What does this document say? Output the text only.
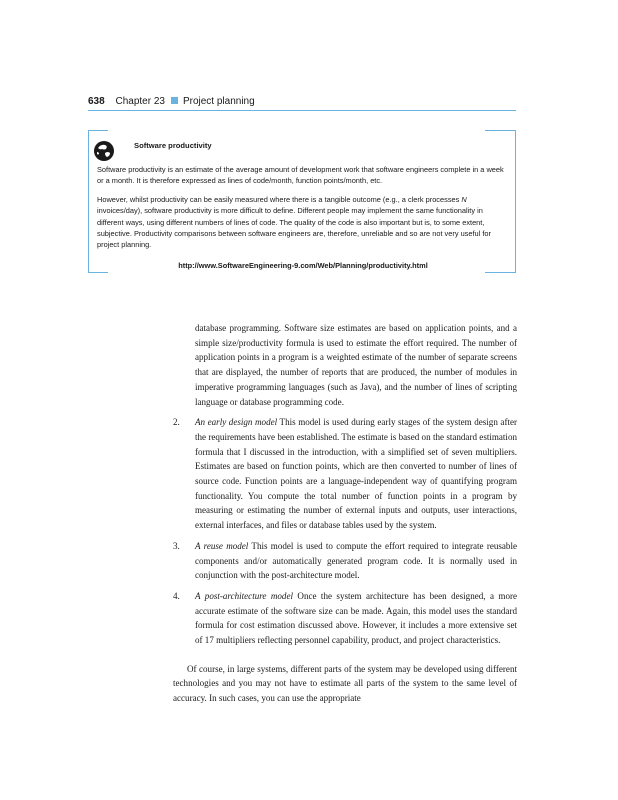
638 Chapter 23 Project planning
Software productivity

Software productivity is an estimate of the average amount of development work that software engineers complete in a week or a month. It is therefore expressed as lines of code/month, function points/month, etc.

However, whilst productivity can be easily measured where there is a tangible outcome (e.g., a clerk processes N invoices/day), software productivity is more difficult to define. Different people may implement the same functionality in different ways, using different numbers of lines of code. The quality of the code is also important but is, to some extent, subjective. Productivity comparisons between software engineers are, therefore, unreliable and so are not very useful for project planning.

http://www.SoftwareEngineering-9.com/Web/Planning/productivity.html

database programming. Software size estimates are based on application points, and a simple size/productivity formula is used to estimate the effort required. The number of application points in a program is a weighted estimate of the number of separate screens that are displayed, the number of reports that are produced, the number of modules in imperative programming languages (such as Java), and the number of lines of scripting language or database programming code.

2. An early design model This model is used during early stages of the system design after the requirements have been established. The estimate is based on the standard estimation formula that I discussed in the introduction, with a simplified set of seven multipliers. Estimates are based on function points, which are then converted to number of lines of source code. Function points are a language-independent way of quantifying program functionality. You compute the total number of function points in a program by measuring or estimating the number of external inputs and outputs, user interactions, external interfaces, and files or database tables used by the system.

3. A reuse model This model is used to compute the effort required to integrate reusable components and/or automatically generated program code. It is normally used in conjunction with the post-architecture model.

4. A post-architecture model Once the system architecture has been designed, a more accurate estimate of the software size can be made. Again, this model uses the standard formula for cost estimation discussed above. However, it includes a more extensive set of 17 multipliers reflecting personnel capability, product, and project characteristics.

Of course, in large systems, different parts of the system may be developed using different technologies and you may not have to estimate all parts of the system to the same level of accuracy. In such cases, you can use the appropriate
